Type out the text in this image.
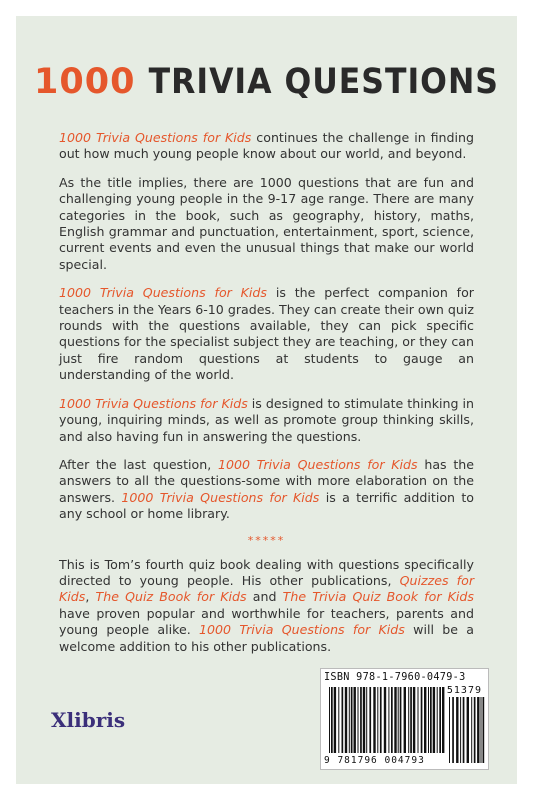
1000 TRIVIA QUESTIONS

1000 Trivia Questions for Kids continues the challenge in finding out how much young people know about our world, and beyond.

As the title implies, there are 1000 questions that are fun and challenging young people in the 9-17 age range. There are many categories in the book, such as geography, history, maths, English grammar and punctuation, entertainment, sport, science, current events and even the unusual things that make our world special.

1000 Trivia Questions for Kids is the perfect companion for teachers in the Years 6-10 grades. They can create their own quiz rounds with the questions available, they can pick specific questions for the specialist subject they are teaching, or they can just fire random questions at students to gauge an understanding of the world.

1000 Trivia Questions for Kids is designed to stimulate thinking in young, inquiring minds, as well as promote group thinking skills, and also having fun in answering the questions.

After the last question, 1000 Trivia Questions for Kids has the answers to all the questions-some with more elaboration on the answers. 1000 Trivia Questions for Kids is a terrific addition to any school or home library.

*****

This is Tom’s fourth quiz book dealing with questions specifically directed to young people. His other publications, Quizzes for Kids, The Quiz Book for Kids and The Trivia Quiz Book for Kids have proven popular and worthwhile for teachers, parents and young people alike. 1000 Trivia Questions for Kids will be a welcome addition to his other publications.

Xlibris
ISBN 978-1-7960-0479-3
51379
9 781796 004793
